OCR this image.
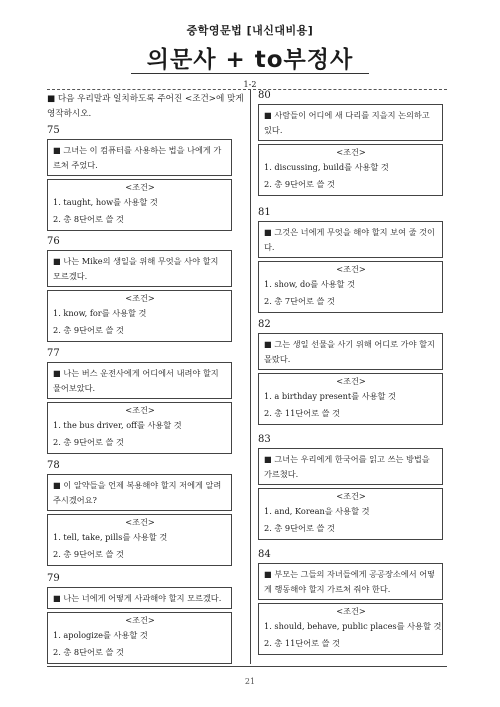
중학영문법 [내신대비용]
의문사 + to부정사
1-2
■ 다음 우리말과 일치하도록 주어진 <조건>에 맞게 영작하시오.
75
■ 그녀는 이 컴퓨터를 사용하는 법을 나에게 가르쳐 주었다.
<조건>
1. taught, how를 사용할 것
2. 총 8단어로 쓸 것
76
■ 나는 Mike의 생일을 위해 무엇을 사야 할지 모르겠다.
<조건>
1. know, for를 사용할 것
2. 총 9단어로 쓸 것
77
■ 나는 버스 운전사에게 어디에서 내려야 할지 물어보았다.
<조건>
1. the bus driver, off를 사용할 것
2. 총 9단어로 쓸 것
78
■ 이 알약들을 언제 복용해야 할지 저에게 알려주시겠어요?
<조건>
1. tell, take, pills를 사용할 것
2. 총 9단어로 쓸 것
79
■ 나는 너에게 어떻게 사과해야 할지 모르겠다.
<조건>
1. apologize를 사용할 것
2. 총 8단어로 쓸 것
80
■ 사람들이 어디에 새 다리를 지을지 논의하고 있다.
<조건>
1. discussing, build를 사용할 것
2. 총 9단어로 쓸 것
81
■ 그것은 너에게 무엇을 해야 할지 보여 줄 것이다.
<조건>
1. show, do를 사용할 것
2. 총 7단어로 쓸 것
82
■ 그는 생일 선물을 사기 위해 어디로 가야 할지 몰랐다.
<조건>
1. a birthday present를 사용할 것
2. 총 11단어로 쓸 것
83
■ 그녀는 우리에게 한국어를 읽고 쓰는 방법을 가르쳤다.
<조건>
1. and, Korean을 사용할 것
2. 총 9단어로 쓸 것
84
■ 부모는 그들의 자녀들에게 공공장소에서 어떻게 행동해야 할지 가르쳐 줘야 한다.
<조건>
1. should, behave, public places를 사용할 것
2. 총 11단어로 쓸 것
21
